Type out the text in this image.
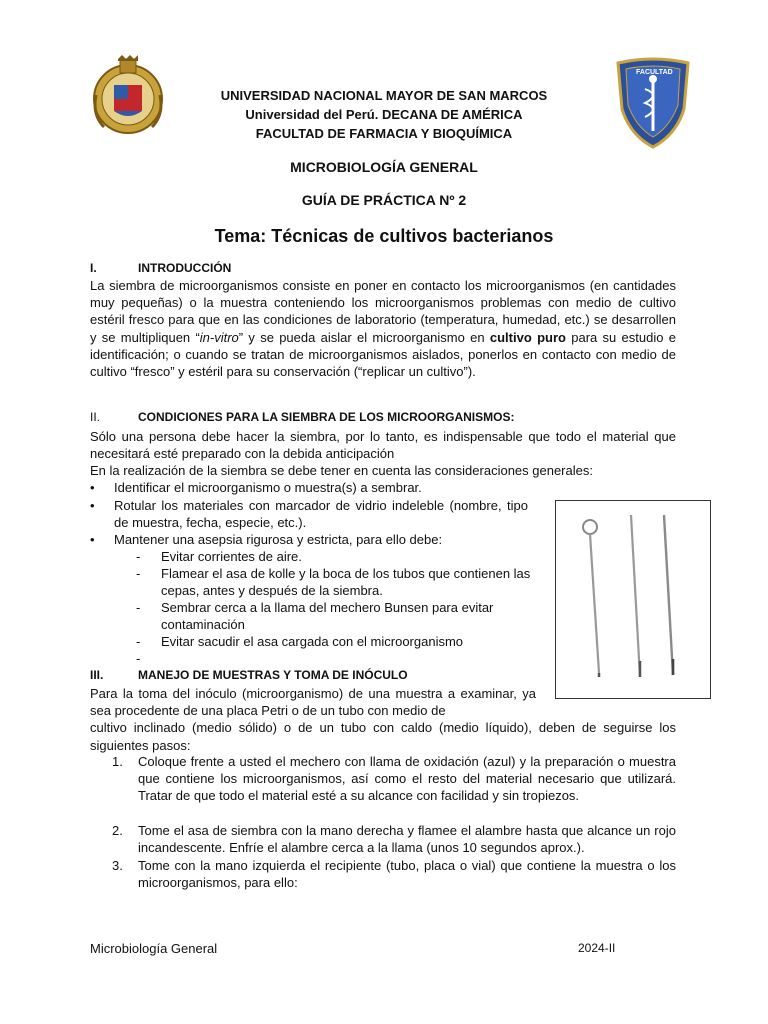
FACULTAD
UNIVERSIDAD NACIONAL MAYOR DE SAN MARCOS
Universidad del Perú. DECANA DE AMÉRICA
FACULTAD DE FARMACIA Y BIOQUÍMICA
MICROBIOLOGÍA GENERAL
GUÍA DE PRÁCTICA Nº 2
Tema: Técnicas de cultivos bacterianos
I.	INTRODUCCIÓN
La siembra de microorganismos consiste en poner en contacto los microorganismos (en cantidades muy pequeñas) o la muestra conteniendo los microorganismos problemas con medio de cultivo estéril fresco para que en las condiciones de laboratorio (temperatura, humedad, etc.) se desarrollen y se multipliquen “in-vitro” y se pueda aislar el microorganismo en cultivo puro para su estudio e identificación; o cuando se tratan de microorganismos aislados, ponerlos en contacto con medio de cultivo “fresco” y estéril para su conservación (“replicar un cultivo”).
II.	CONDICIONES PARA LA SIEMBRA DE LOS MICROORGANISMOS:
Sólo una persona debe hacer la siembra, por lo tanto, es indispensable que todo el material que necesitará esté preparado con la debida anticipación
En la realización de la siembra se debe tener en cuenta las consideraciones generales:
•	Identificar el microorganismo o muestra(s) a sembrar.
•	Rotular los materiales con marcador de vidrio indeleble (nombre, tipo de muestra, fecha, especie, etc.).
•	Mantener una asepsia rigurosa y estricta, para ello debe:
- Evitar corrientes de aire.
- Flamear el asa de kolle y la boca de los tubos que contienen las cepas, antes y después de la siembra.
- Sembrar cerca a la llama del mechero Bunsen para evitar contaminación
- Evitar sacudir el asa cargada con el microorganismo
-
III.	MANEJO DE MUESTRAS Y TOMA DE INÓCULO
Para la toma del inóculo (microorganismo) de una muestra a examinar, ya sea procedente de una placa Petri o de un tubo con medio de
cultivo inclinado (medio sólido) o de un tubo con caldo (medio líquido), deben de seguirse los siguientes pasos:
1. Coloque frente a usted el mechero con llama de oxidación (azul) y la preparación o muestra que contiene los microorganismos, así como el resto del material necesario que utilizará. Tratar de que todo el material esté a su alcance con facilidad y sin tropiezos.
2. Tome el asa de siembra con la mano derecha y flamee el alambre hasta que alcance un rojo incandescente. Enfríe el alambre cerca a la llama (unos 10 segundos aprox.).
3. Tome con la mano izquierda el recipiente (tubo, placa o vial) que contiene la muestra o los microorganismos, para ello:
Microbiología General	2024-II
